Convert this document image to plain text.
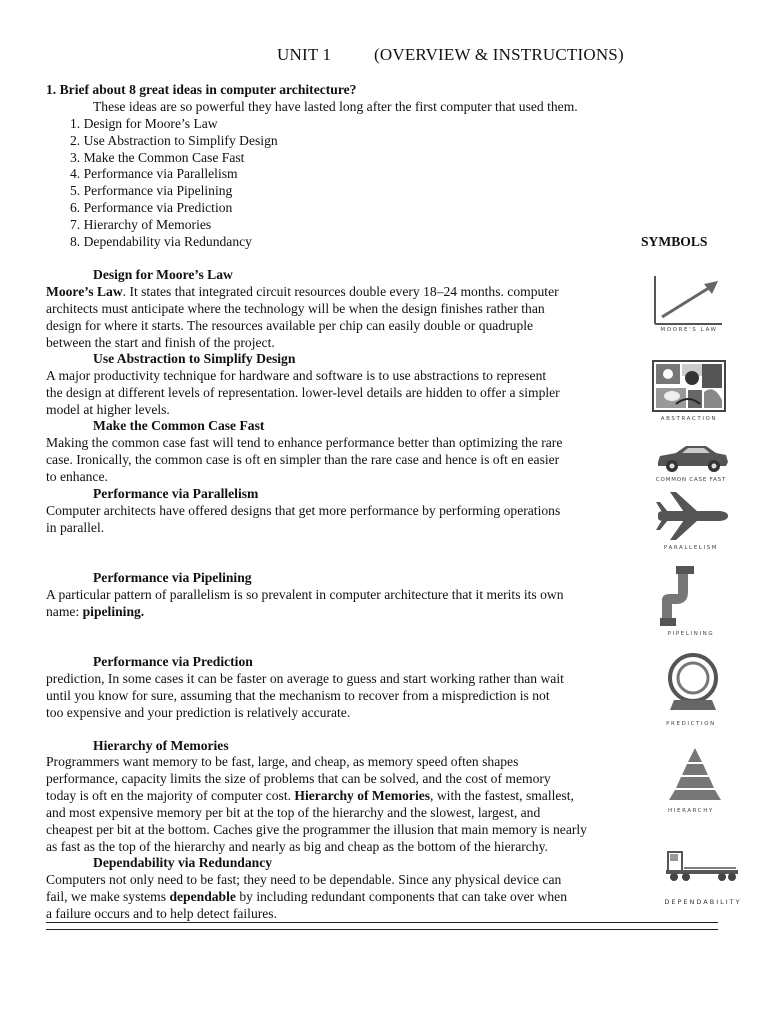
UNIT 1	(OVERVIEW & INSTRUCTIONS)
1. Brief about 8 great ideas in computer architecture?
These ideas are so powerful they have lasted long after the first computer that used them.
1. Design for Moore’s Law
2. Use Abstraction to Simplify Design
3. Make the Common Case Fast
4. Performance via Parallelism
5. Performance via Pipelining
6. Performance via Prediction
7. Hierarchy of Memories
8. Dependability via Redundancy	SYMBOLS
Design for Moore’s Law
Moore’s Law. It states that integrated circuit resources double every 18–24 months. computer
architects must anticipate where the technology will be when the design finishes rather than
design for where it starts. The resources available per chip can easily double or quadruple
between the start and finish of the project.
Use Abstraction to Simplify Design
A major productivity technique for hardware and software is to use abstractions to represent
the design at different levels of representation. lower-level details are hidden to offer a simpler
model at higher levels.
Make the Common Case Fast
Making the common case fast will tend to enhance performance better than optimizing the rare
case. Ironically, the common case is oft en simpler than the rare case and hence is oft en easier
to enhance.
Performance via Parallelism
Computer architects have offered designs that get more performance by performing operations
in parallel.
Performance via Pipelining
A particular pattern of parallelism is so prevalent in computer architecture that it merits its own
name: pipelining.
Performance via Prediction
prediction, In some cases it can be faster on average to guess and start working rather than wait
until you know for sure, assuming that the mechanism to recover from a misprediction is not
too expensive and your prediction is relatively accurate.
Hierarchy of Memories
Programmers want memory to be fast, large, and cheap, as memory speed often shapes
performance, capacity limits the size of problems that can be solved, and the cost of memory
today is oft en the majority of computer cost. Hierarchy of Memories, with the fastest, smallest,
and most expensive memory per bit at the top of the hierarchy and the slowest, largest, and
cheapest per bit at the bottom. Caches give the programmer the illusion that main memory is nearly
as fast as the top of the hierarchy and nearly as big and cheap as the bottom of the hierarchy.
Dependability via Redundancy
Computers not only need to be fast; they need to be dependable. Since any physical device can
fail, we make systems dependable by including redundant components that can take over when
a failure occurs and to help detect failures.
MOORE'S LAW
ABSTRACTION
COMMON CASE FAST
PARALLELISM
PIPELINING
PREDICTION
HIERARCHY
DEPENDABILITY
